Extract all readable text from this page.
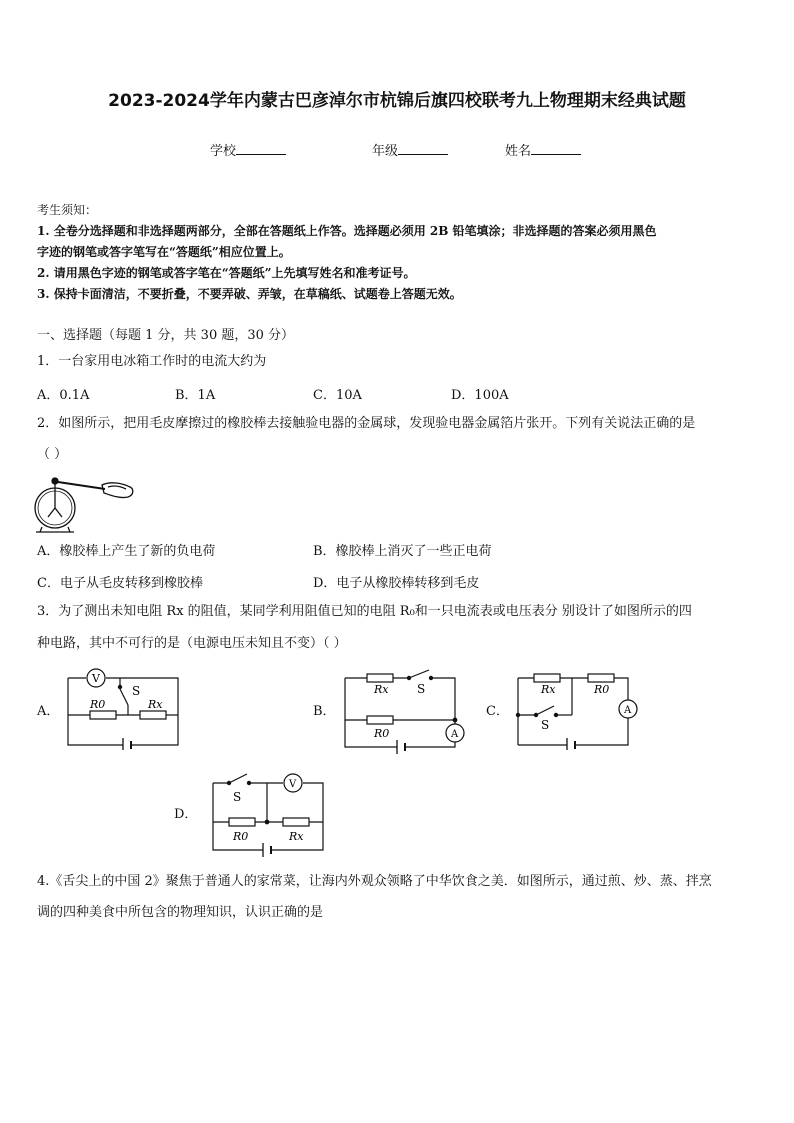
2023-2024学年内蒙古巴彦淖尔市杭锦后旗四校联考九上物理期末经典试题
学校	年级	姓名
考生须知：
1. 全卷分选择题和非选择题两部分，全部在答题纸上作答。选择题必须用 2B 铅笔填涂；非选择题的答案必须用黑色
字迹的钢笔或答字笔写在“答题纸”相应位置上。
2. 请用黑色字迹的钢笔或答字笔在“答题纸”上先填写姓名和准考证号。
3. 保持卡面清洁，不要折叠，不要弄破、弄皱，在草稿纸、试题卷上答题无效。
一、选择题（每题 1 分，共 30 题，30 分）
1．一台家用电冰箱工作时的电流大约为
A．0.1A	B．1A	C．10A	D．100A
2．如图所示，把用毛皮摩擦过的橡胶棒去接触验电器的金属球，发现验电器金属箔片张开。下列有关说法正确的是
（ ）
A．橡胶棒上产生了新的负电荷	B．橡胶棒上消灭了一些正电荷
C．电子从毛皮转移到橡胶棒	D．电子从橡胶棒转移到毛皮
3．为了测出未知电阻 Rx 的阻值，某同学利用阻值已知的电阻 R₀和一只电流表或电压表分 别设计了如图所示的四
种电路，其中不可行的是（电源电压未知且不变）（ ）
A．
V
S
R0	Rx	B．
Rx S
R0	A
C．
Rx	R0
A
S
D．
S
V
R0	Rx
4.《舌尖上的中国 2》聚焦于普通人的家常菜，让海内外观众领略了中华饮食之美．如图所示，通过煎、炒、蒸、拌烹
调的四种美食中所包含的物理知识，认识正确的是
